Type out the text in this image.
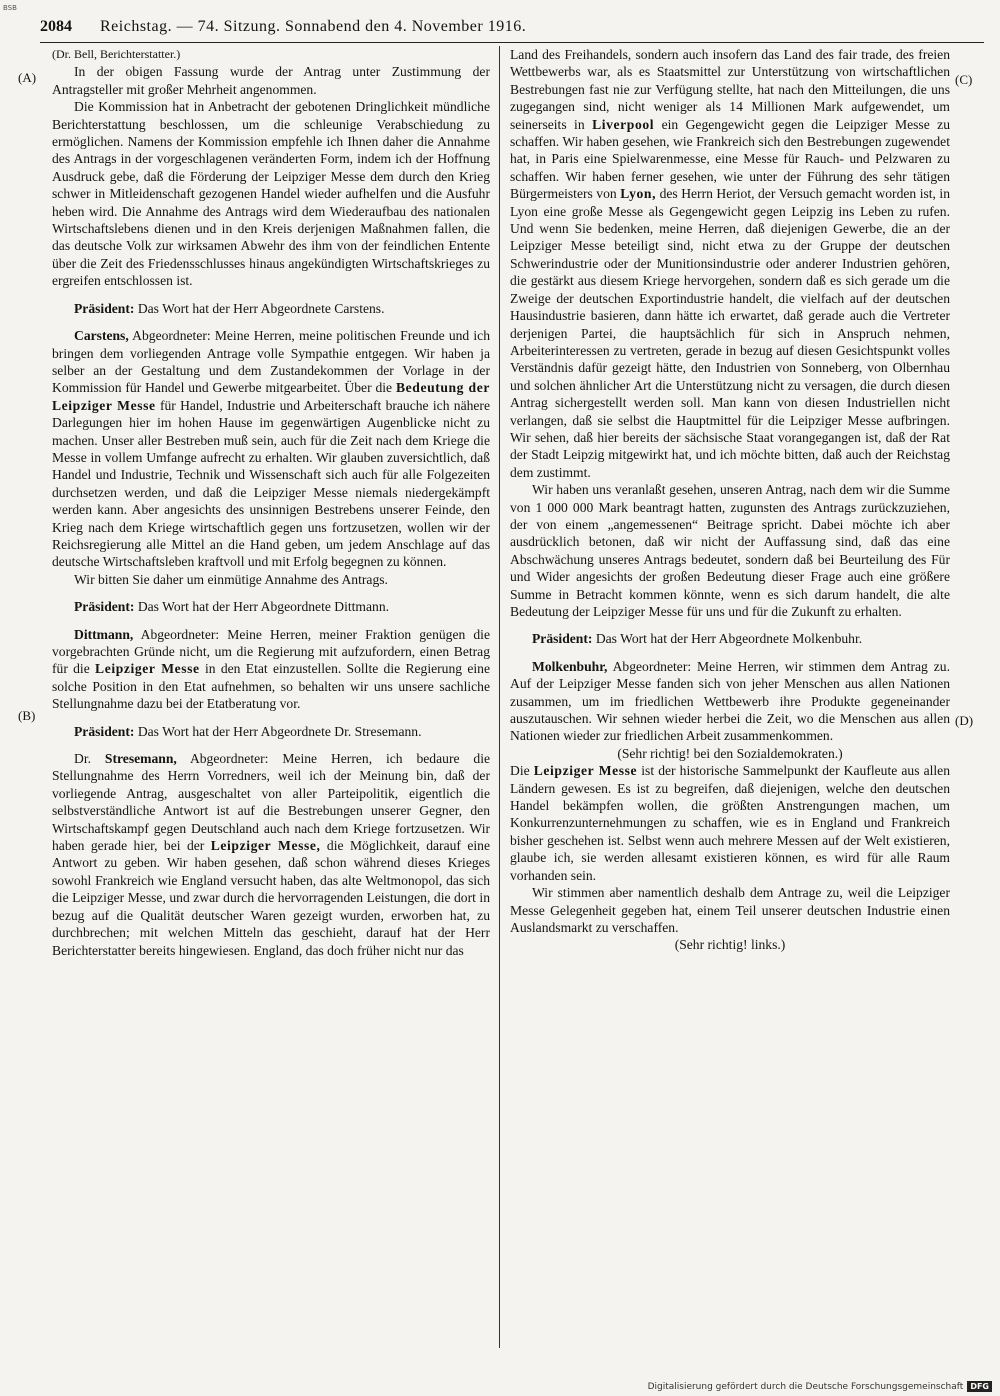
BSB
2084	Reichstag. — 74. Sitzung. Sonnabend den 4. November 1916.
(A)
(B)
(C)
(D)

(Dr. Bell, Berichterstatter.)

In der obigen Fassung wurde der Antrag unter Zustimmung der Antragsteller mit großer Mehrheit angenommen.

Die Kommission hat in Anbetracht der gebotenen Dringlichkeit mündliche Berichterstattung beschlossen, um die schleunige Verabschiedung zu ermöglichen. Namens der Kommission empfehle ich Ihnen daher die Annahme des Antrags in der vorgeschlagenen veränderten Form, indem ich der Hoffnung Ausdruck gebe, daß die Förderung der Leipziger Messe dem durch den Krieg schwer in Mitleidenschaft gezogenen Handel wieder aufhelfen und die Ausfuhr heben wird. Die Annahme des Antrags wird dem Wiederaufbau des nationalen Wirtschaftslebens dienen und in den Kreis derjenigen Maßnahmen fallen, die das deutsche Volk zur wirksamen Abwehr des ihm von der feindlichen Entente über die Zeit des Friedensschlusses hinaus angekündigten Wirtschaftskrieges zu ergreifen entschlossen ist.

Präsident: Das Wort hat der Herr Abgeordnete Carstens.

Carstens, Abgeordneter: Meine Herren, meine politischen Freunde und ich bringen dem vorliegenden Antrage volle Sympathie entgegen. Wir haben ja selber an der Gestaltung und dem Zustandekommen der Vorlage in der Kommission für Handel und Gewerbe mitgearbeitet. Über die Bedeutung der Leipziger Messe für Handel, Industrie und Arbeiterschaft brauche ich nähere Darlegungen hier im hohen Hause im gegenwärtigen Augenblicke nicht zu machen. Unser aller Bestreben muß sein, auch für die Zeit nach dem Kriege die Messe in vollem Umfange aufrecht zu erhalten. Wir glauben zuversichtlich, daß Handel und Industrie, Technik und Wissenschaft sich auch für alle Folgezeiten durchsetzen werden, und daß die Leipziger Messe niemals niedergekämpft werden kann. Aber angesichts des unsinnigen Bestrebens unserer Feinde, den Krieg nach dem Kriege wirtschaftlich gegen uns fortzusetzen, wollen wir der Reichsregierung alle Mittel an die Hand geben, um jedem Anschlage auf das deutsche Wirtschaftsleben kraftvoll und mit Erfolg begegnen zu können.

Wir bitten Sie daher um einmütige Annahme des Antrags.

Präsident: Das Wort hat der Herr Abgeordnete Dittmann.

Dittmann, Abgeordneter: Meine Herren, meiner Fraktion genügen die vorgebrachten Gründe nicht, um die Regierung mit aufzufordern, einen Betrag für die Leipziger Messe in den Etat einzustellen. Sollte die Regierung eine solche Position in den Etat aufnehmen, so behalten wir uns unsere sachliche Stellungnahme dazu bei der Etatberatung vor.

Präsident: Das Wort hat der Herr Abgeordnete Dr. Stresemann.

Dr. Stresemann, Abgeordneter: Meine Herren, ich bedaure die Stellungnahme des Herrn Vorredners, weil ich der Meinung bin, daß der vorliegende Antrag, ausgeschaltet von aller Parteipolitik, eigentlich die selbstverständliche Antwort ist auf die Bestrebungen unserer Gegner, den Wirtschaftskampf gegen Deutschland auch nach dem Kriege fortzusetzen. Wir haben gerade hier, bei der Leipziger Messe, die Möglichkeit, darauf eine Antwort zu geben. Wir haben gesehen, daß schon während dieses Krieges sowohl Frankreich wie England versucht haben, das alte Weltmonopol, das sich die Leipziger Messe, und zwar durch die hervorragenden Leistungen, die dort in bezug auf die Qualität deutscher Waren gezeigt wurden, erworben hat, zu durchbrechen; mit welchen Mitteln das geschieht, darauf hat der Herr Berichterstatter bereits hingewiesen. England, das doch früher nicht nur das

Land des Freihandels, sondern auch insofern das Land des fair trade, des freien Wettbewerbs war, als es Staatsmittel zur Unterstützung von wirtschaftlichen Bestrebungen fast nie zur Verfügung stellte, hat nach den Mitteilungen, die uns zugegangen sind, nicht weniger als 14 Millionen Mark aufgewendet, um seinerseits in Liverpool ein Gegengewicht gegen die Leipziger Messe zu schaffen. Wir haben gesehen, wie Frankreich sich den Bestrebungen zugewendet hat, in Paris eine Spielwarenmesse, eine Messe für Rauch- und Pelzwaren zu schaffen. Wir haben ferner gesehen, wie unter der Führung des sehr tätigen Bürgermeisters von Lyon, des Herrn Heriot, der Versuch gemacht worden ist, in Lyon eine große Messe als Gegengewicht gegen Leipzig ins Leben zu rufen. Und wenn Sie bedenken, meine Herren, daß diejenigen Gewerbe, die an der Leipziger Messe beteiligt sind, nicht etwa zu der Gruppe der deutschen Schwerindustrie oder der Munitionsindustrie oder anderer Industrien gehören, die gestärkt aus diesem Kriege hervorgehen, sondern daß es sich gerade um die Zweige der deutschen Exportindustrie handelt, die vielfach auf der deutschen Hausindustrie basieren, dann hätte ich erwartet, daß gerade auch die Vertreter derjenigen Partei, die hauptsächlich für sich in Anspruch nehmen, Arbeiterinteressen zu vertreten, gerade in bezug auf diesen Gesichtspunkt volles Verständnis dafür gezeigt hätte, den Industrien von Sonneberg, von Olbernhau und solchen ähnlicher Art die Unterstützung nicht zu versagen, die durch diesen Antrag sichergestellt werden soll. Man kann von diesen Industriellen nicht verlangen, daß sie selbst die Hauptmittel für die Leipziger Messe aufbringen. Wir sehen, daß hier bereits der sächsische Staat vorangegangen ist, daß der Rat der Stadt Leipzig mitgewirkt hat, und ich möchte bitten, daß auch der Reichstag dem zustimmt.

Wir haben uns veranlaßt gesehen, unseren Antrag, nach dem wir die Summe von 1 000 000 Mark beantragt hatten, zugunsten des Antrags zurückzuziehen, der von einem „angemessenen“ Beitrage spricht. Dabei möchte ich aber ausdrücklich betonen, daß wir nicht der Auffassung sind, daß das eine Abschwächung unseres Antrags bedeutet, sondern daß bei Beurteilung des Für und Wider angesichts der großen Bedeutung dieser Frage auch eine größere Summe in Betracht kommen könnte, wenn es sich darum handelt, die alte Bedeutung der Leipziger Messe für uns und für die Zukunft zu erhalten.

Präsident: Das Wort hat der Herr Abgeordnete Molkenbuhr.

Molkenbuhr, Abgeordneter: Meine Herren, wir stimmen dem Antrag zu. Auf der Leipziger Messe fanden sich von jeher Menschen aus allen Nationen zusammen, um im friedlichen Wettbewerb ihre Produkte gegeneinander auszutauschen. Wir sehnen wieder herbei die Zeit, wo die Menschen aus allen Nationen wieder zur friedlichen Arbeit zusammenkommen.

(Sehr richtig! bei den Sozialdemokraten.)

Die Leipziger Messe ist der historische Sammelpunkt der Kaufleute aus allen Ländern gewesen. Es ist zu begreifen, daß diejenigen, welche den deutschen Handel bekämpfen wollen, die größten Anstrengungen machen, um Konkurrenzunternehmungen zu schaffen, wie es in England und Frankreich bisher geschehen ist. Selbst wenn auch mehrere Messen auf der Welt existieren, glaube ich, sie werden allesamt existieren können, es wird für alle Raum vorhanden sein.

Wir stimmen aber namentlich deshalb dem Antrage zu, weil die Leipziger Messe Gelegenheit gegeben hat, einem Teil unserer deutschen Industrie einen Auslandsmarkt zu verschaffen.

(Sehr richtig! links.)

Digitalisierung gefördert durch die Deutsche Forschungsgemeinschaft DFG
